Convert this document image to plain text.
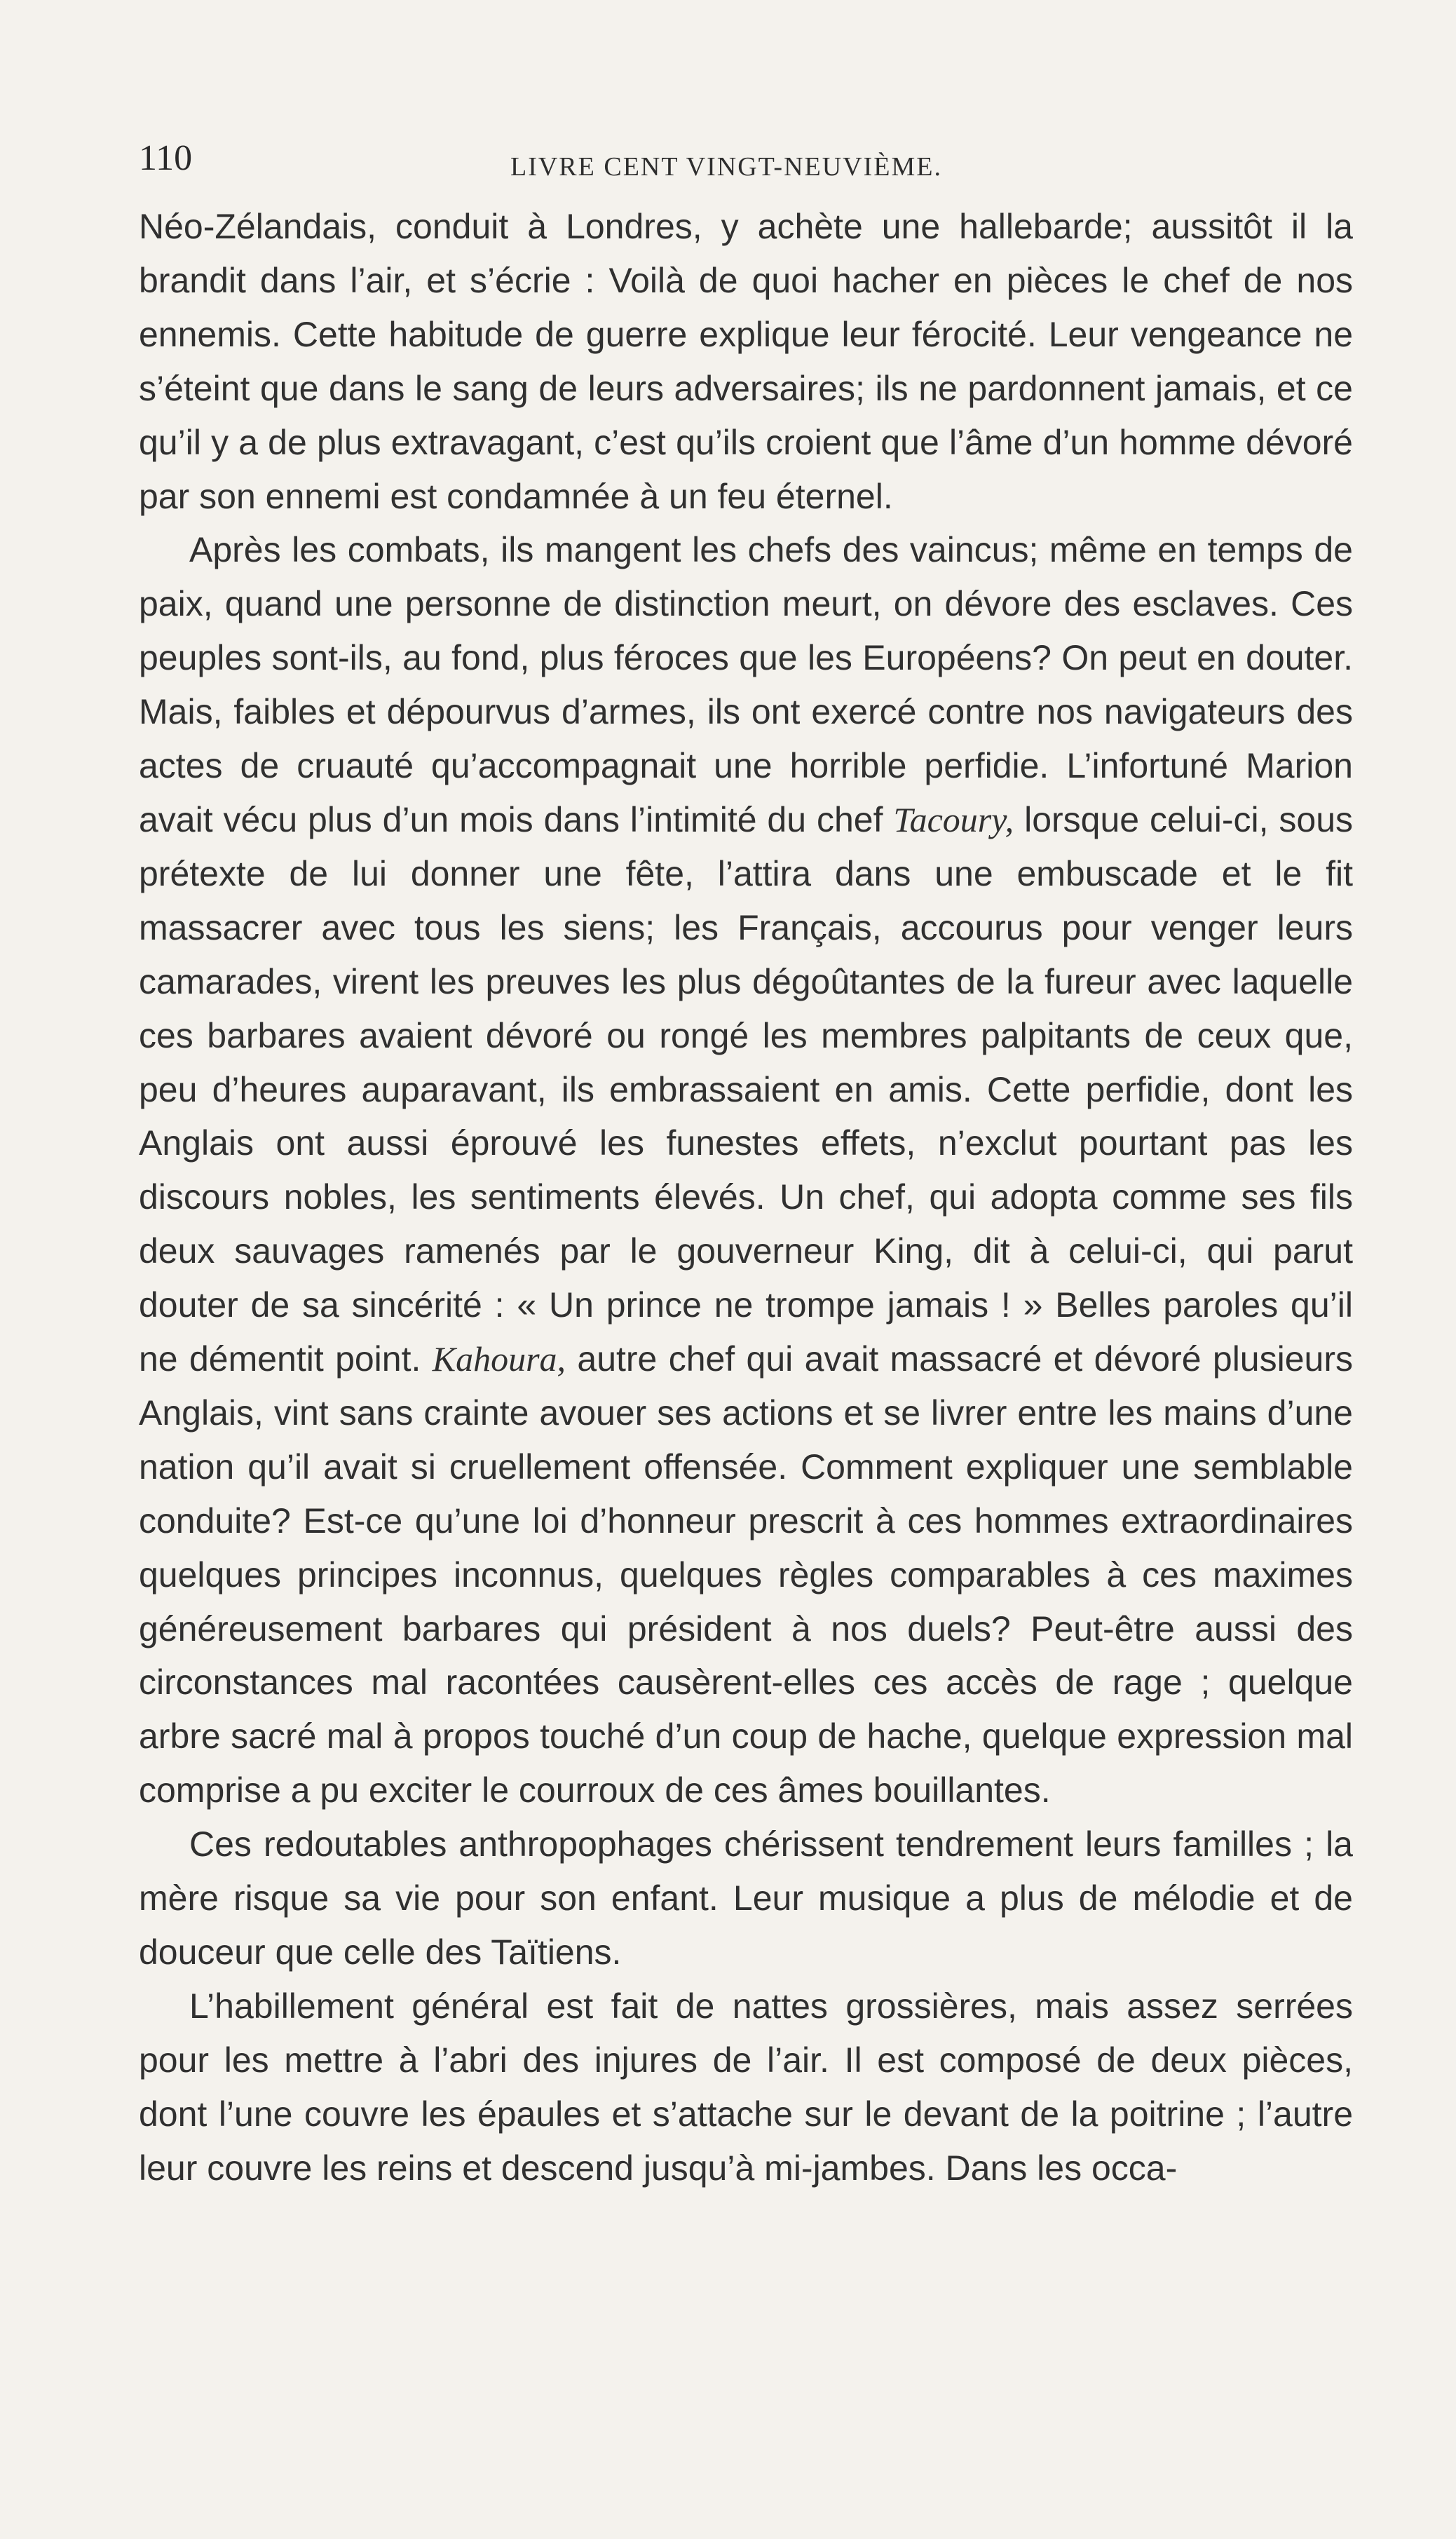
110	LIVRE CENT VINGT-NEUVIÈME.

Néo-Zélandais, conduit à Londres, y achète une hallebarde; aussitôt il la brandit dans l’air, et s’écrie : Voilà de quoi hacher en pièces le chef de nos ennemis. Cette habitude de guerre explique leur férocité. Leur vengeance ne s’éteint que dans le sang de leurs adversaires; ils ne pardonnent jamais, et ce qu’il y a de plus extravagant, c’est qu’ils croient que l’âme d’un homme dévoré par son ennemi est condamnée à un feu éternel.

Après les combats, ils mangent les chefs des vaincus; même en temps de paix, quand une personne de distinction meurt, on dévore des esclaves. Ces peuples sont-ils, au fond, plus féroces que les Européens? On peut en douter. Mais, faibles et dépourvus d’armes, ils ont exercé contre nos navigateurs des actes de cruauté qu’accompagnait une horrible perfidie. L’infortuné Marion avait vécu plus d’un mois dans l’intimité du chef Tacoury, lorsque celui-ci, sous prétexte de lui donner une fête, l’attira dans une embuscade et le fit massacrer avec tous les siens; les Français, accourus pour venger leurs camarades, virent les preuves les plus dégoûtantes de la fureur avec laquelle ces barbares avaient dévoré ou rongé les membres palpitants de ceux que, peu d’heures auparavant, ils embrassaient en amis. Cette perfidie, dont les Anglais ont aussi éprouvé les funestes effets, n’exclut pourtant pas les discours nobles, les sentiments élevés. Un chef, qui adopta comme ses fils deux sauvages ramenés par le gouverneur King, dit à celui-ci, qui parut douter de sa sincérité : « Un prince ne trompe jamais ! » Belles paroles qu’il ne démentit point. Kahoura, autre chef qui avait massacré et dévoré plusieurs Anglais, vint sans crainte avouer ses actions et se livrer entre les mains d’une nation qu’il avait si cruellement offensée. Comment expliquer une semblable conduite? Est-ce qu’une loi d’honneur prescrit à ces hommes extraordinaires quelques principes inconnus, quelques règles comparables à ces maximes généreusement barbares qui président à nos duels? Peut-être aussi des circonstances mal racontées causèrent-elles ces accès de rage ; quelque arbre sacré mal à propos touché d’un coup de hache, quelque expression mal comprise a pu exciter le courroux de ces âmes bouillantes.

Ces redoutables anthropophages chérissent tendrement leurs familles ; la mère risque sa vie pour son enfant. Leur musique a plus de mélodie et de douceur que celle des Taïtiens.

L’habillement général est fait de nattes grossières, mais assez serrées pour les mettre à l’abri des injures de l’air. Il est composé de deux pièces, dont l’une couvre les épaules et s’attache sur le devant de la poitrine ; l’autre leur couvre les reins et descend jusqu’à mi-jambes. Dans les occa-
